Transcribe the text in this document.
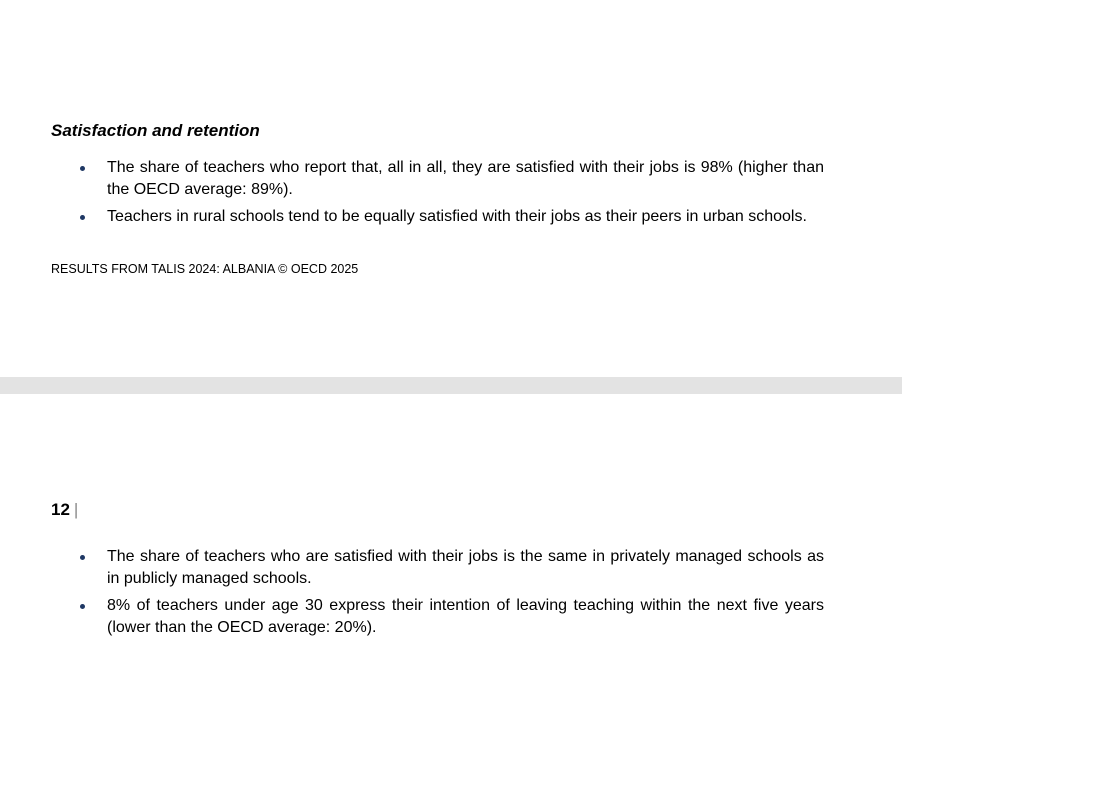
Satisfaction and retention
The share of teachers who report that, all in all, they are satisfied with their jobs is 98% (higher than the OECD average: 89%).
Teachers in rural schools tend to be equally satisfied with their jobs as their peers in urban schools.

RESULTS FROM TALIS 2024: ALBANIA © OECD 2025

12 |
The share of teachers who are satisfied with their jobs is the same in privately managed schools as in publicly managed schools.
8% of teachers under age 30 express their intention of leaving teaching within the next five years (lower than the OECD average: 20%).
